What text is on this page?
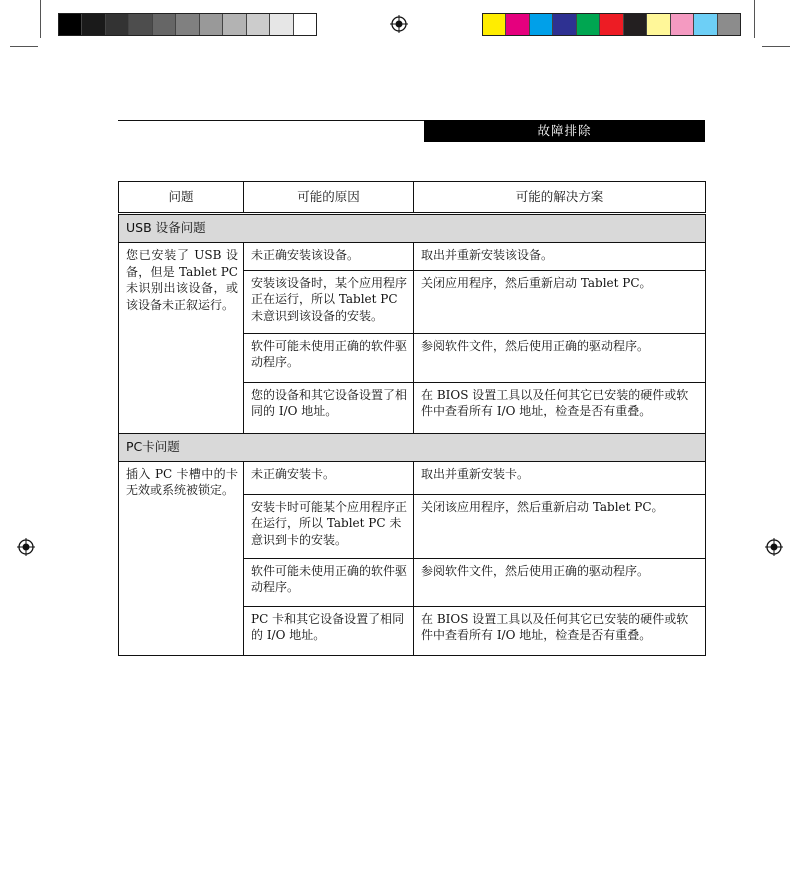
故障排除
问题	可能的原因	可能的解决方案

USB 设备问题		

您已安装了 USB 设备，但是 Tablet PC 未识别出该设备，或该设备未正叙运行。	未正确安装该设备。	取出并重新安装该设备。

	安装该设备时，某个应用程序正在运行，所以 Tablet PC 未意识到该设备的安装。	关闭应用程序，然后重新启动 Tablet PC。

	软件可能未使用正确的软件驱动程序。	参阅软件文件，然后使用正确的驱动程序。

	您的设备和其它设备设置了相同的 I/O 地址。	在 BIOS 设置工具以及任何其它已安装的硬件或软件中查看所有 I/O 地址，检查是否有重叠。

PC卡问题		

插入 PC 卡槽中的卡无效或系统被锁定。	未正确安装卡。	取出并重新安装卡。

	安装卡时可能某个应用程序正在运行，所以 Tablet PC 未意识到卡的安装。	关闭该应用程序，然后重新启动 Tablet PC。

	软件可能未使用正确的软件驱动程序。	参阅软件文件，然后使用正确的驱动程序。

	PC 卡和其它设备设置了相同的 I/O 地址。	在 BIOS 设置工具以及任何其它已安装的硬件或软件中查看所有 I/O 地址，检查是否有重叠。
